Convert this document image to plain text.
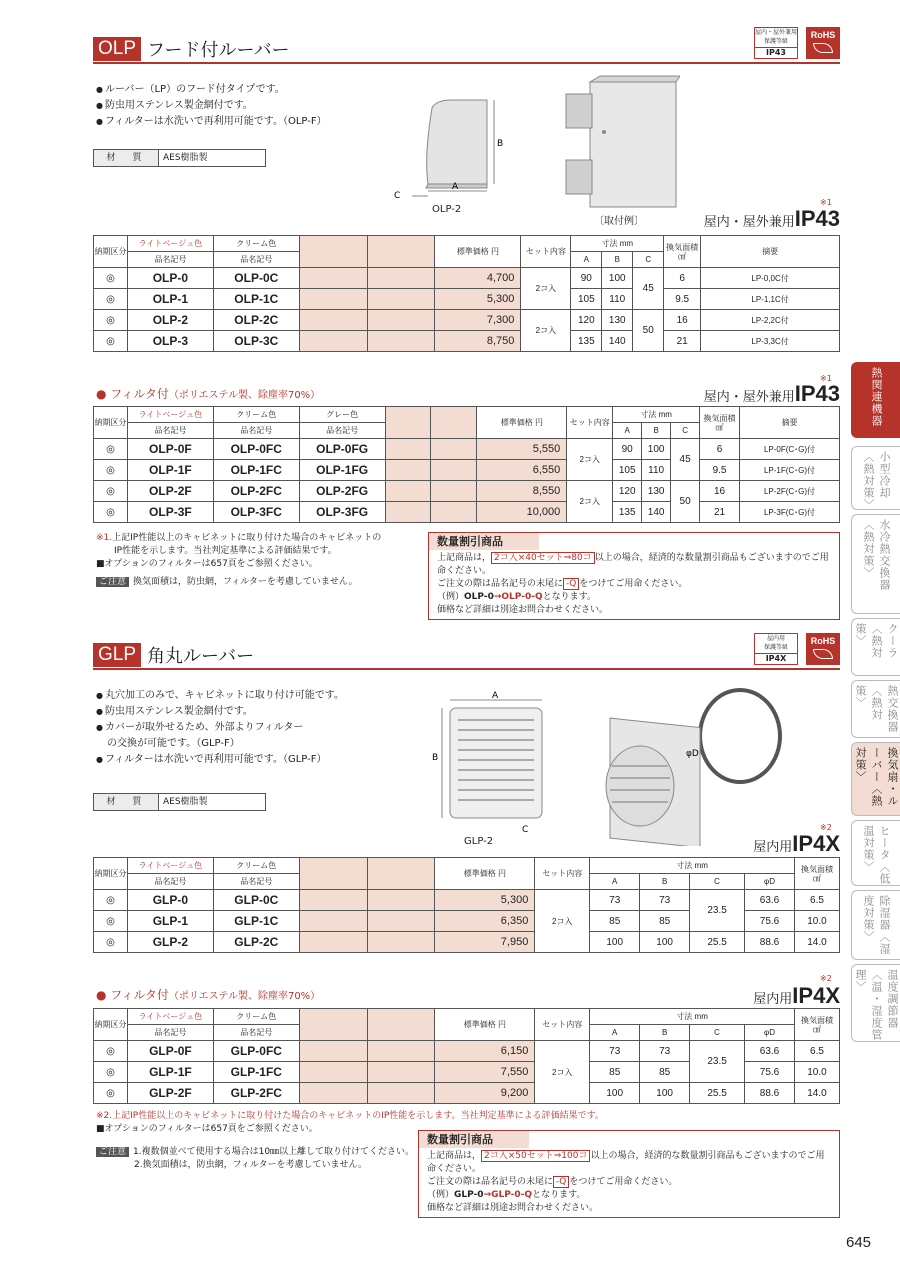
OLP フード付ルーバー
屋内・屋外兼用
保護等級
IP43
RoHS
● ルーバー（LP）のフード付タイプです。
● 防虫用ステンレス製金網付です。
● フィルターは水洗いで再利用可能です。（OLP-F）
材　質	AES樹脂製
B
A
C
OLP-2
〔取付例〕
※1
屋内・屋外兼用IP43
納期区分	ライトベージュ色	クリーム色			標準価格 円	セット内容	寸法 mm			換気面積
㎠	摘要
	品名記号	品名記号					A	B	C		
◎	OLP-0	OLP-0C			4,700	2コ入	90	100	45	6	LP-0,0C付
◎	OLP-1	OLP-1C			5,300		105	110		9.5	LP-1,1C付
◎	OLP-2	OLP-2C			7,300	2コ入	120	130	50	16	LP-2,2C付
◎	OLP-3	OLP-3C			8,750		135	140		21	LP-3,3C付
● フィルタ付（ポリエステル製、除塵率70%）
※1
屋内・屋外兼用IP43
納期区分	ライトベージュ色	クリーム色	グレー色			標準価格 円	セット内容	寸法 mm			換気面積
㎠	摘要
	品名記号	品名記号	品名記号					A	B	C		
◎	OLP-0F	OLP-0FC	OLP-0FG			5,550	2コ入	90	100	45	6	LP-0F(C･G)付
◎	OLP-1F	OLP-1FC	OLP-1FG			6,550		105	110		9.5	LP-1F(C･G)付
◎	OLP-2F	OLP-2FC	OLP-2FG			8,550	2コ入	120	130	50	16	LP-2F(C･G)付
◎	OLP-3F	OLP-3FC	OLP-3FG			10,000		135	140		21	LP-3F(C･G)付
※1.上記IP性能以上のキャビネットに取り付けた場合のキャビネットの
IP性能を示します。当社判定基準による評価結果です。
■オプションのフィルターは657頁をご参照ください。
ご注意 換気面積は，防虫網，フィルターを考慮していません。
数量割引商品
上記商品は， 2コ入×40セット⇒80コ 以上の場合，経済的な数量割引商品もございますのでご用命ください。
ご注文の際は品名記号の末尾に -Q をつけてご用命ください。
（例）OLP-0→OLP-0-Qとなります。
価格など詳細は別途お問合わせください。
GLP 角丸ルーバー
屋内用
保護等級
IP4X
RoHS
● 丸穴加工のみで、キャビネットに取り付け可能です。
● 防虫用ステンレス製金網付です。
● カバーが取外せるため、外部よりフィルター
の交換が可能です。（GLP-F）
● フィルターは水洗いで再利用可能です。（GLP-F）
材　質	AES樹脂製
A
B
C
GLP-2
φD
※2
屋内用IP4X
納期区分	ライトベージュ色	クリーム色			標準価格 円	セット内容	寸法 mm				換気面積
㎠
	品名記号	品名記号					A	B	C	φD	
◎	GLP-0	GLP-0C			5,300	2コ入	73	73	23.5	63.6	6.5
◎	GLP-1	GLP-1C			6,350		85	85		75.6	10.0
◎	GLP-2	GLP-2C			7,950		100	100	25.5	88.6	14.0
● フィルタ付（ポリエステル製、除塵率70%）
※2
屋内用IP4X
納期区分	ライトベージュ色	クリーム色			標準価格 円	セット内容	寸法 mm				換気面積
㎠
	品名記号	品名記号					A	B	C	φD	
◎	GLP-0F	GLP-0FC			6,150	2コ入	73	73	23.5	63.6	6.5
◎	GLP-1F	GLP-1FC			7,550		85	85		75.6	10.0
◎	GLP-2F	GLP-2FC			9,200		100	100	25.5	88.6	14.0
※2.上記IP性能以上のキャビネットに取り付けた場合のキャビネットのIP性能を示します。当社判定基準による評価結果です。
■オプションのフィルターは657頁をご参照ください。
ご注意 1.複数個並べて使用する場合は10㎜以上離して取り付けてください。
2.換気面積は，防虫網，フィルターを考慮していません。
数量割引商品
上記商品は， 2コ入×50セット⇒100コ 以上の場合，経済的な数量割引商品もございますのでご用命ください。
ご注文の際は品名記号の末尾に -Q をつけてご用命ください。
（例）GLP-0→GLP-0-Qとなります。
価格など詳細は別途お問合わせください。
熱関連機器
小型冷却〈熱対策〉
水冷熱交換器〈熱対策〉
クーラ〈熱対策〉
熱交換器〈熱対策〉
換気扇・ルーバー〈熱対策〉
ヒータ〈低温対策〉
除湿器〈湿度対策〉
温度調節器〈温・湿度管理〉
645
